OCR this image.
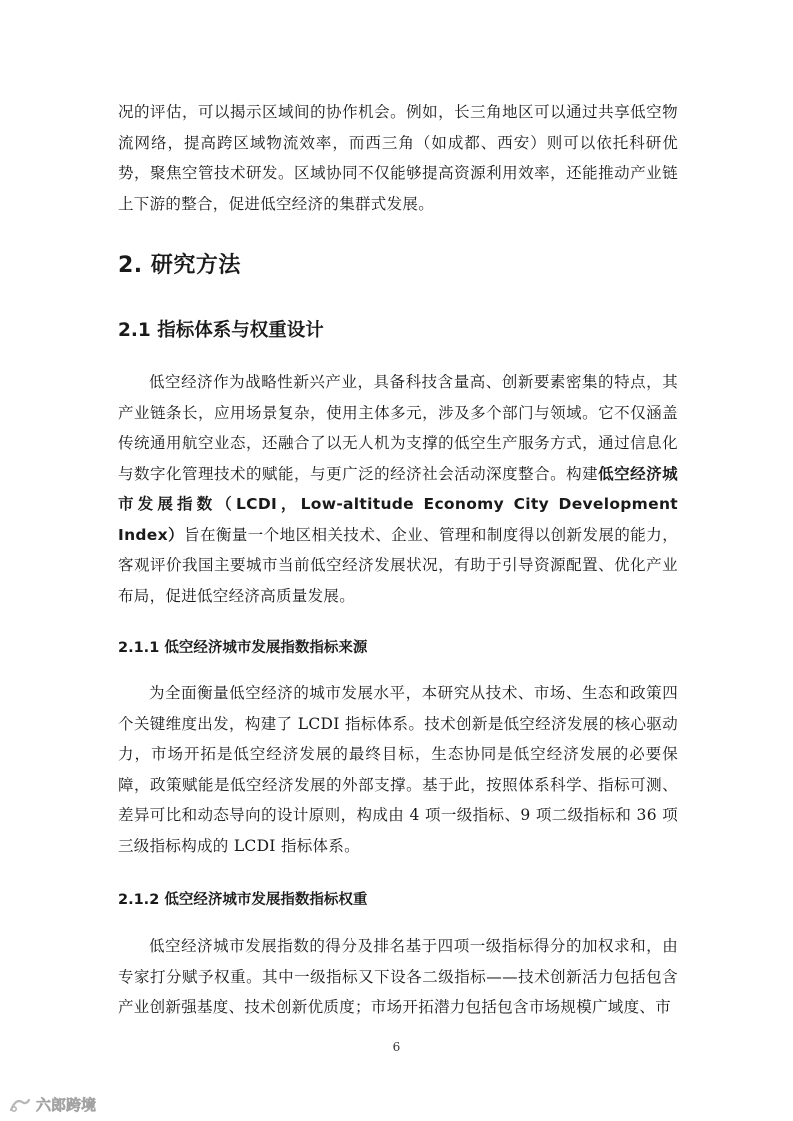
况的评估，可以揭示区域间的协作机会。例如，长三角地区可以通过共享低空物流网络，提高跨区域物流效率，而西三角（如成都、西安）则可以依托科研优势，聚焦空管技术研发。区域协同不仅能够提高资源利用效率，还能推动产业链上下游的整合，促进低空经济的集群式发展。

2. 研究方法
2.1 指标体系与权重设计

低空经济作为战略性新兴产业，具备科技含量高、创新要素密集的特点，其产业链条长，应用场景复杂，使用主体多元，涉及多个部门与领域。它不仅涵盖传统通用航空业态，还融合了以无人机为支撑的低空生产服务方式，通过信息化与数字化管理技术的赋能，与更广泛的经济社会活动深度整合。构建低空经济城市发展指数（LCDI，Low-altitude Economy City Development Index）旨在衡量一个地区相关技术、企业、管理和制度得以创新发展的能力，客观评价我国主要城市当前低空经济发展状况，有助于引导资源配置、优化产业布局，促进低空经济高质量发展。

2.1.1 低空经济城市发展指数指标来源

为全面衡量低空经济的城市发展水平，本研究从技术、市场、生态和政策四个关键维度出发，构建了 LCDI 指标体系。技术创新是低空经济发展的核心驱动力，市场开拓是低空经济发展的最终目标，生态协同是低空经济发展的必要保障，政策赋能是低空经济发展的外部支撑。基于此，按照体系科学、指标可测、差异可比和动态导向的设计原则，构成由 4 项一级指标、9 项二级指标和 36 项三级指标构成的 LCDI 指标体系。

2.1.2 低空经济城市发展指数指标权重

低空经济城市发展指数的得分及排名基于四项一级指标得分的加权求和，由专家打分赋予权重。其中一级指标又下设各二级指标——技术创新活力包括包含产业创新强基度、技术创新优质度；市场开拓潜力包括包含市场规模广域度、市

6
六郎跨境
